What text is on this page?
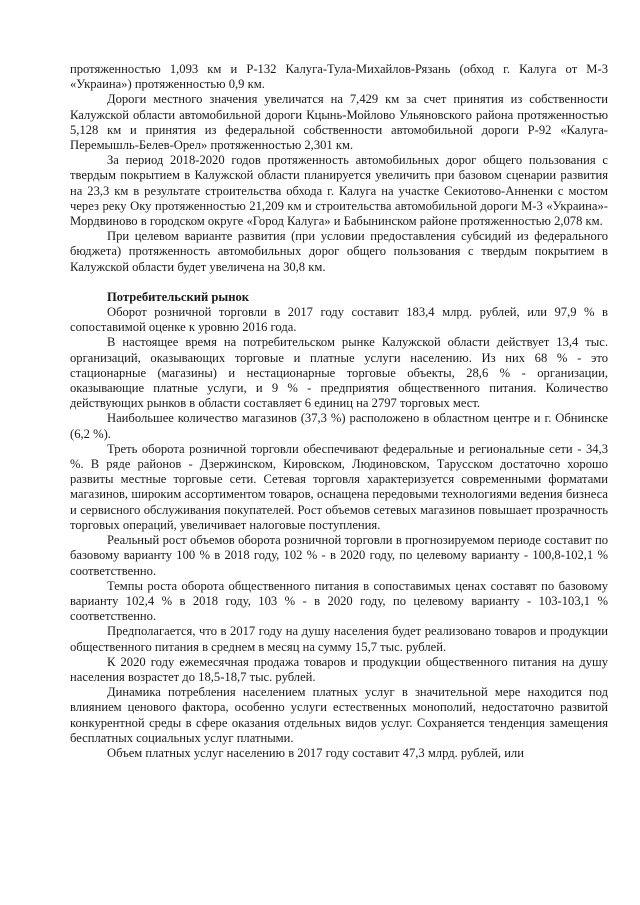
протяженностью 1,093 км и Р-132 Калуга-Тула-Михайлов-Рязань (обход г. Калуга от М-3 «Украина») протяженностью 0,9 км.

Дороги местного значения увеличатся на 7,429 км за счет принятия из собственности Калужской области автомобильной дороги Кцынь-Мойлово Ульяновского района протяженностью 5,128 км и принятия из федеральной собственности автомобильной дороги Р-92 «Калуга-Перемышль-Белев-Орел» протяженностью 2,301 км.

За период 2018-2020 годов протяженность автомобильных дорог общего пользования с твердым покрытием в Калужской области планируется увеличить при базовом сценарии развития на 23,3 км в результате строительства обхода г. Калуга на участке Секиотово-Анненки с мостом через реку Оку протяженностью 21,209 км и строительства автомобильной дороги М-3 «Украина»-Мордвиново в городском округе «Город Калуга» и Бабынинском районе протяженностью 2,078 км.

При целевом варианте развития (при условии предоставления субсидий из федерального бюджета) протяженность автомобильных дорог общего пользования с твердым покрытием в Калужской области будет увеличена на 30,8 км.

Потребительский рынок

Оборот розничной торговли в 2017 году составит 183,4 млрд. рублей, или 97,9 % в сопоставимой оценке к уровню 2016 года.

В настоящее время на потребительском рынке Калужской области действует 13,4 тыс. организаций, оказывающих торговые и платные услуги населению. Из них 68 % - это стационарные (магазины) и нестационарные торговые объекты, 28,6 % - организации, оказывающие платные услуги, и 9 % - предприятия общественного питания. Количество действующих рынков в области составляет 6 единиц на 2797 торговых мест.

Наибольшее количество магазинов (37,3 %) расположено в областном центре и г. Обнинске (6,2 %).

Треть оборота розничной торговли обеспечивают федеральные и региональные сети - 34,3 %. В ряде районов - Дзержинском, Кировском, Людиновском, Тарусском достаточно хорошо развиты местные торговые сети. Сетевая торговля характеризуется современными форматами магазинов, широким ассортиментом товаров, оснащена передовыми технологиями ведения бизнеса и сервисного обслуживания покупателей. Рост объемов сетевых магазинов повышает прозрачность торговых операций, увеличивает налоговые поступления.

Реальный рост объемов оборота розничной торговли в прогнозируемом периоде составит по базовому варианту 100 % в 2018 году, 102 % - в 2020 году, по целевому варианту - 100,8-102,1 % соответственно.

Темпы роста оборота общественного питания в сопоставимых ценах составят по базовому варианту 102,4 % в 2018 году, 103 % - в 2020 году, по целевому варианту - 103-103,1 % соответственно.

Предполагается, что в 2017 году на душу населения будет реализовано товаров и продукции общественного питания в среднем в месяц на сумму 15,7 тыс. рублей.

К 2020 году ежемесячная продажа товаров и продукции общественного питания на душу населения возрастет до 18,5-18,7 тыс. рублей.

Динамика потребления населением платных услуг в значительной мере находится под влиянием ценового фактора, особенно услуги естественных монополий, недостаточно развитой конкурентной среды в сфере оказания отдельных видов услуг. Сохраняется тенденция замещения бесплатных социальных услуг платными.

Объем платных услуг населению в 2017 году составит 47,3 млрд. рублей, или
